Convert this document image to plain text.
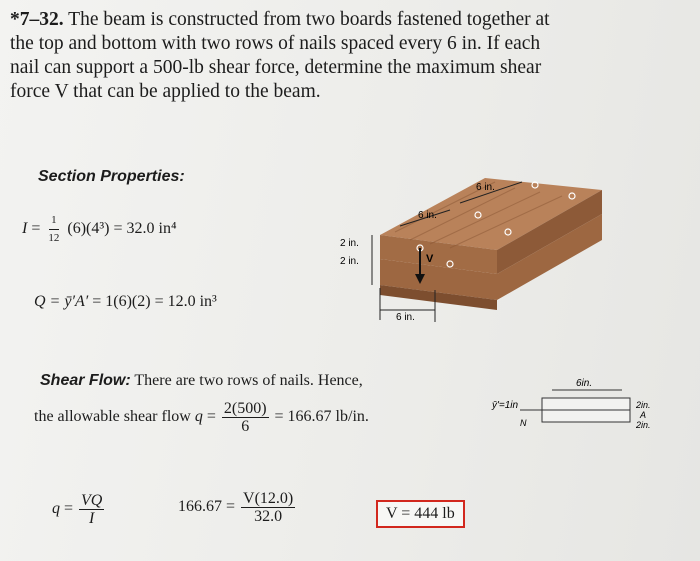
*7–32. The beam is constructed from two boards fastened together at the top and bottom with two rows of nails spaced every 6 in. If each nail can support a 500-lb shear force, determine the maximum shear force V that can be applied to the beam.
Section Properties:
$I = \frac{1}{12} (6)(4^3) = 32.0$ in⁴
Q = ȳ′A′ = 1(6)(2) = 12.0 in³
6 in.
6 in.
2 in.
2 in.
6 in.
V
Shear Flow: There are two rows of nails. Hence,
the allowable shear flow $q = \frac{2(500)}{6} = 166.67$ lb/in.
6in.
ȳ'=1in
N
2in.
A
2in.
$q = \frac{VQ}{I}$	$166.67 = \frac{V(12.0)}{32.0}$	V = 444 lb
